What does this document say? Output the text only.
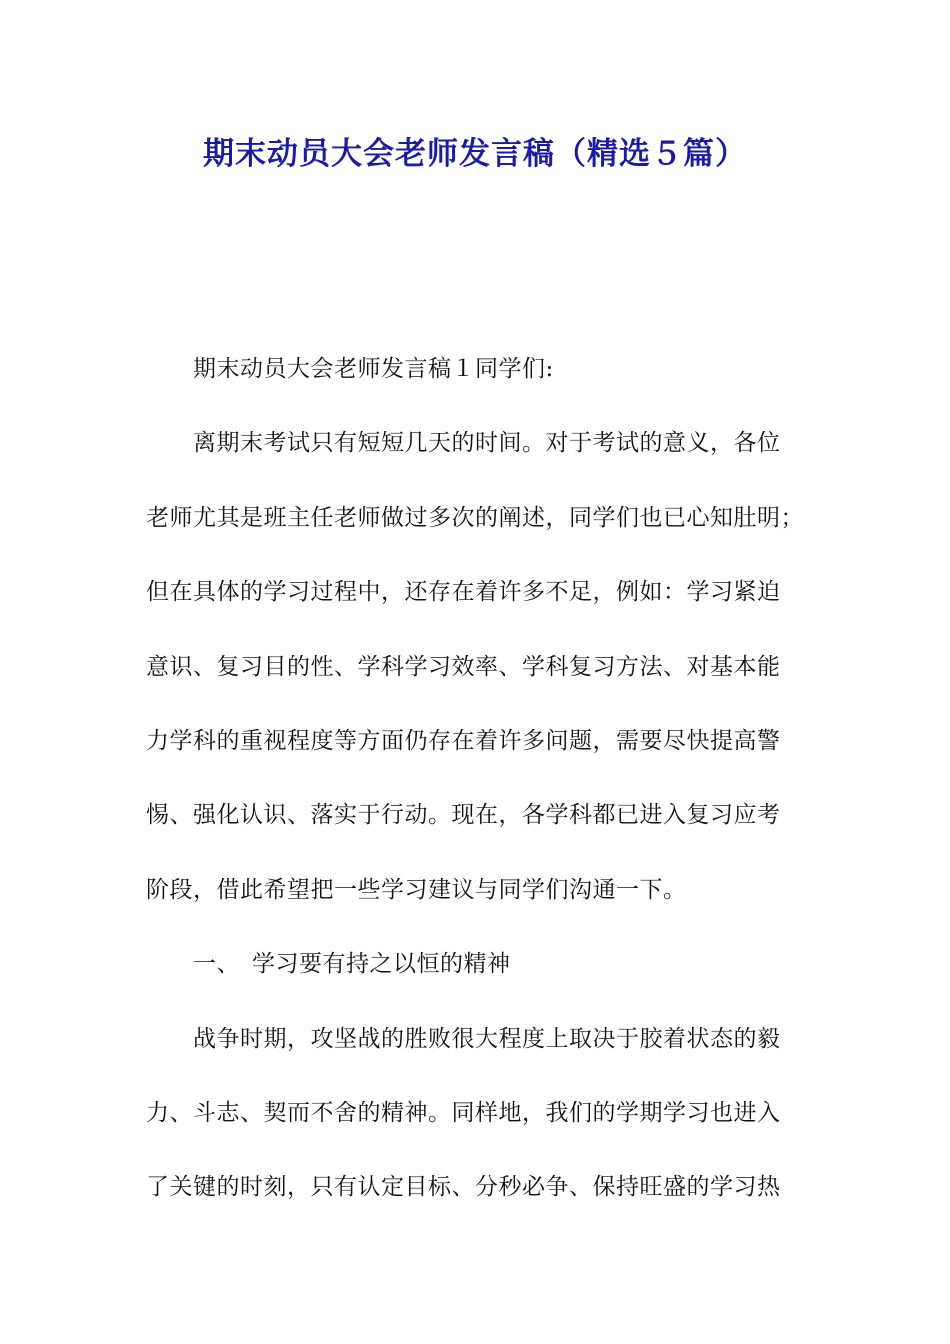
期末动员大会老师发言稿（精选５篇）
期末动员大会老师发言稿１同学们:
离期末考试只有短短几天的时间。对于考试的意义，各位
老师尤其是班主任老师做过多次的阐述，同学们也已心知肚明；
但在具体的学习过程中，还存在着许多不足，例如：学习紧迫
意识、复习目的性、学科学习效率、学科复习方法、对基本能
力学科的重视程度等方面仍存在着许多问题，需要尽快提高警
惕、强化认识、落实于行动。现在，各学科都已进入复习应考
阶段，借此希望把一些学习建议与同学们沟通一下。
一、　学习要有持之以恒的精神
战争时期，攻坚战的胜败很大程度上取决于胶着状态的毅
力、斗志、契而不舍的精神。同样地，我们的学期学习也进入
了关键的时刻，只有认定目标、分秒必争、保持旺盛的学习热
